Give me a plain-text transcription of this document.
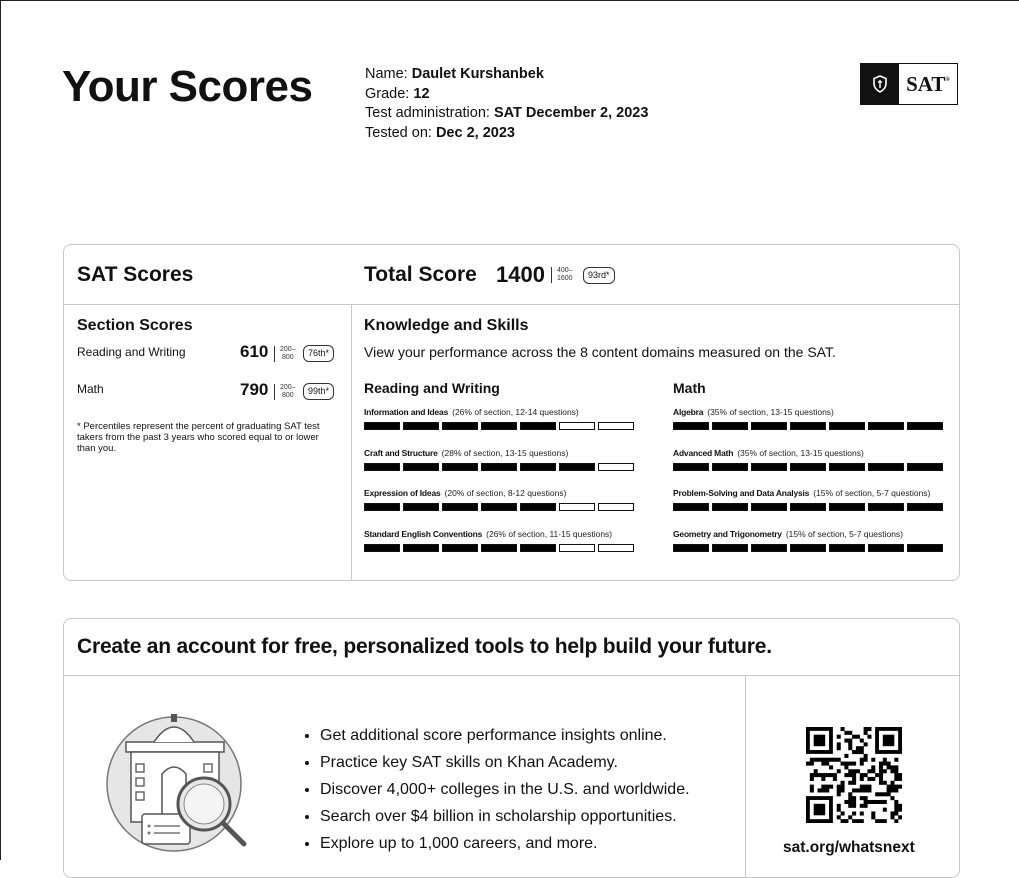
Your Scores	Name: Daulet Kurshanbek
Grade: 12
Test administration: SAT December 2, 2023
Tested on: Dec 2, 2023
SAT ®
SAT Scores	Total Score 1400 400–
1600	93rd*
Section Scores
Reading and Writing	610 200–
800	76th*
Math	790 200–
800	99th*
* Percentiles represent the percent of graduating SAT test takers from the past 3 years who scored equal to or lower than you.
Knowledge and Skills
View your performance across the 8 content domains measured on the SAT.
Reading and Writing	Math
Information and Ideas (26% of section, 12-14 questions)
Craft and Structure (28% of section, 13-15 questions)
Expression of Ideas (20% of section, 8-12 questions)
Standard English Conventions (26% of section, 11-15 questions)
Algebra (35% of section, 13-15 questions)
Advanced Math (35% of section, 13-15 questions)
Problem-Solving and Data Analysis (15% of section, 5-7 questions)
Geometry and Trigonometry (15% of section, 5-7 questions)
Create an account for free, personalized tools to help build your future.
• Get additional score performance insights online.
• Practice key SAT skills on Khan Academy.
• Discover 4,000+ colleges in the U.S. and worldwide.
• Search over $4 billion in scholarship opportunities.
• Explore up to 1,000 careers, and more.	sat.org/whatsnext
